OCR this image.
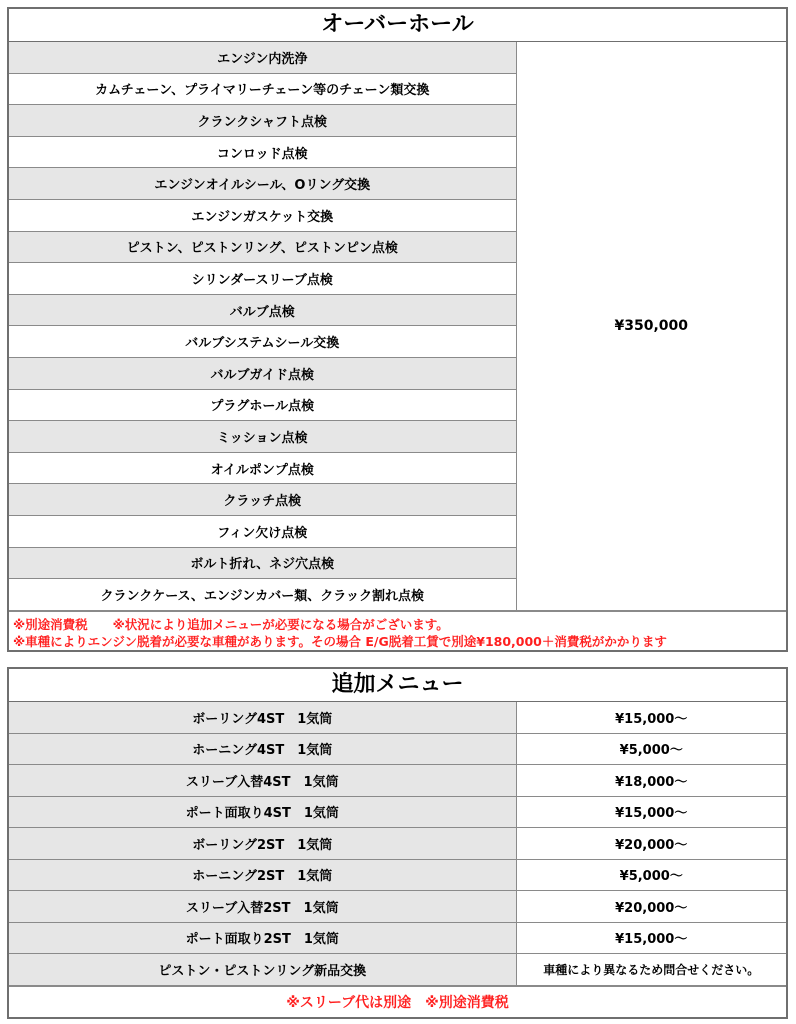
オーバーホール
エンジン内洗浄	¥350,000
カムチェーン、プライマリーチェーン等のチェーン類交換
クランクシャフト点検
コンロッド点検
エンジンオイルシール、Oリング交換
エンジンガスケット交換
ピストン、ピストンリング、ピストンピン点検
シリンダースリーブ点検
バルブ点検
バルブシステムシール交換
バルブガイド点検
プラグホール点検
ミッション点検
オイルポンプ点検
クラッチ点検
フィン欠け点検
ボルト折れ、ネジ穴点検
クランクケース、エンジンカバー類、クラック割れ点検
※別途消費税　　※状況により追加メニューが必要になる場合がございます。
※車種によりエンジン脱着が必要な車種があります。その場合 E/G脱着工賃で別途¥180,000＋消費税がかかります
追加メニュー
ボーリング4ST　1気筒	¥15,000〜
ホーニング4ST　1気筒	¥5,000〜
スリーブ入替4ST　1気筒	¥18,000〜
ポート面取り4ST　1気筒	¥15,000〜
ボーリング2ST　1気筒	¥20,000〜
ホーニング2ST　1気筒	¥5,000〜
スリーブ入替2ST　1気筒	¥20,000〜
ポート面取り2ST　1気筒	¥15,000〜
ピストン・ピストンリング新品交換	車種により異なるため問合せください。
※スリーブ代は別途　※別途消費税
